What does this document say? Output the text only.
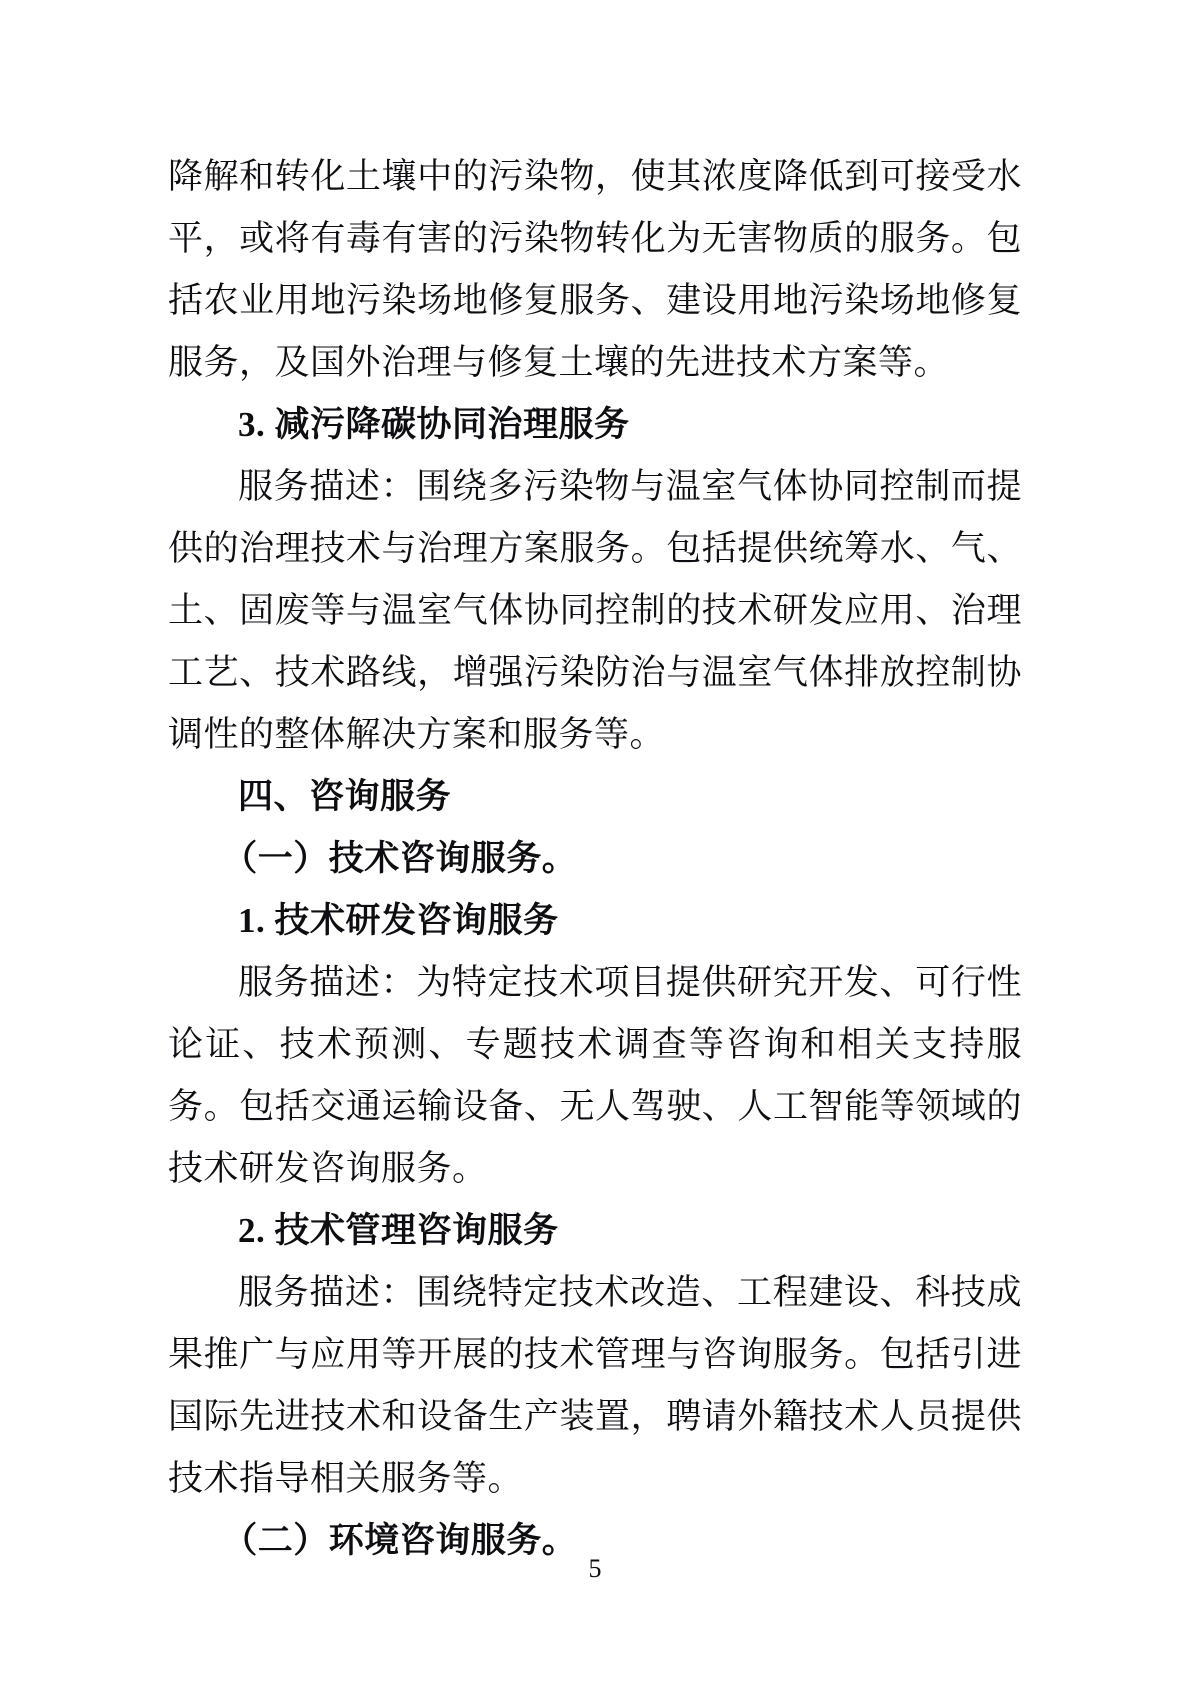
降解和转化土壤中的污染物，使其浓度降低到可接受水平，或将有毒有害的污染物转化为无害物质的服务。包括农业用地污染场地修复服务、建设用地污染场地修复服务，及国外治理与修复土壤的先进技术方案等。

3. 减污降碳协同治理服务

服务描述：围绕多污染物与温室气体协同控制而提供的治理技术与治理方案服务。包括提供统筹水、气、土、固废等与温室气体协同控制的技术研发应用、治理工艺、技术路线，增强污染防治与温室气体排放控制协调性的整体解决方案和服务等。

四、咨询服务

（一）技术咨询服务。

1. 技术研发咨询服务

服务描述：为特定技术项目提供研究开发、可行性论证、技术预测、专题技术调查等咨询和相关支持服务。包括交通运输设备、无人驾驶、人工智能等领域的技术研发咨询服务。

2. 技术管理咨询服务

服务描述：围绕特定技术改造、工程建设、科技成果推广与应用等开展的技术管理与咨询服务。包括引进国际先进技术和设备生产装置，聘请外籍技术人员提供技术指导相关服务等。

（二）环境咨询服务。

5
